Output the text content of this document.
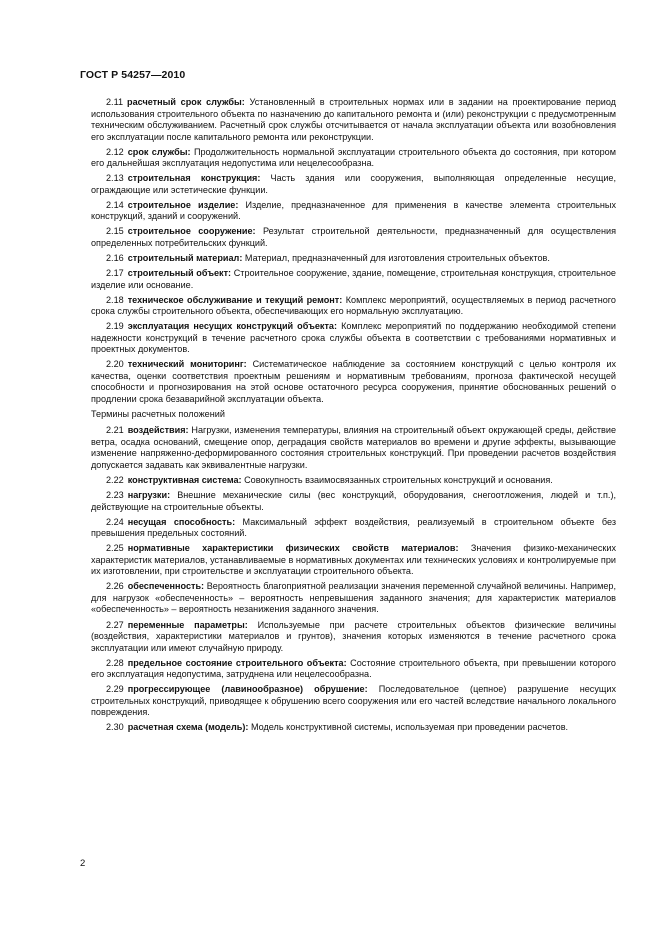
ГОСТ Р 54257—2010

2.11 расчетный срок службы: Установленный в строительных нормах или в задании на проектирование период использования строительного объекта по назначению до капитального ремонта и (или) реконструкции с предусмотренным техническим обслуживанием. Расчетный срок службы отсчитывается от начала эксплуатации объекта или возобновления его эксплуатации после капитального ремонта или реконструкции.

2.12 срок службы: Продолжительность нормальной эксплуатации строительного объекта до состояния, при котором его дальнейшая эксплуатация недопустима или нецелесообразна.

2.13 строительная конструкция: Часть здания или сооружения, выполняющая определенные несущие, ограждающие или эстетические функции.

2.14 строительное изделие: Изделие, предназначенное для применения в качестве элемента строительных конструкций, зданий и сооружений.

2.15 строительное сооружение: Результат строительной деятельности, предназначенный для осуществления определенных потребительских функций.

2.16 строительный материал: Материал, предназначенный для изготовления строительных объектов.

2.17 строительный объект: Строительное сооружение, здание, помещение, строительная конструкция, строительное изделие или основание.

2.18 техническое обслуживание и текущий ремонт: Комплекс мероприятий, осуществляемых в период расчетного срока службы строительного объекта, обеспечивающих его нормальную эксплуатацию.

2.19 эксплуатация несущих конструкций объекта: Комплекс мероприятий по поддержанию необходимой степени надежности конструкций в течение расчетного срока службы объекта в соответствии с требованиями нормативных и проектных документов.

2.20 технический мониторинг: Систематическое наблюдение за состоянием конструкций с целью контроля их качества, оценки соответствия проектным решениям и нормативным требованиям, прогноза фактической несущей способности и прогнозирования на этой основе остаточного ресурса сооружения, принятие обоснованных решений о продлении срока безаварийной эксплуатации объекта.

Термины расчетных положений

2.21 воздействия: Нагрузки, изменения температуры, влияния на строительный объект окружающей среды, действие ветра, осадка оснований, смещение опор, деградация свойств материалов во времени и другие эффекты, вызывающие изменение напряженно-деформированного состояния строительных конструкций. При проведении расчетов воздействия допускается задавать как эквивалентные нагрузки.

2.22 конструктивная система: Совокупность взаимосвязанных строительных конструкций и основания.

2.23 нагрузки: Внешние механические силы (вес конструкций, оборудования, снегоотложения, людей и т.п.), действующие на строительные объекты.

2.24 несущая способность: Максимальный эффект воздействия, реализуемый в строительном объекте без превышения предельных состояний.

2.25 нормативные характеристики физических свойств материалов: Значения физико-механических характеристик материалов, устанавливаемые в нормативных документах или технических условиях и контролируемые при их изготовлении, при строительстве и эксплуатации строительного объекта.

2.26 обеспеченность: Вероятность благоприятной реализации значения переменной случайной величины. Например, для нагрузок «обеспеченность» – вероятность непревышения заданного значения; для характеристик материалов «обеспеченность» – вероятность незанижения заданного значения.

2.27 переменные параметры: Используемые при расчете строительных объектов физические величины (воздействия, характеристики материалов и грунтов), значения которых изменяются в течение расчетного срока эксплуатации или имеют случайную природу.

2.28 предельное состояние строительного объекта: Состояние строительного объекта, при превышении которого его эксплуатация недопустима, затруднена или нецелесообразна.

2.29 прогрессирующее (лавинообразное) обрушение: Последовательное (цепное) разрушение несущих строительных конструкций, приводящее к обрушению всего сооружения или его частей вследствие начального локального повреждения.

2.30 расчетная схема (модель): Модель конструктивной системы, используемая при проведении расчетов.

2
